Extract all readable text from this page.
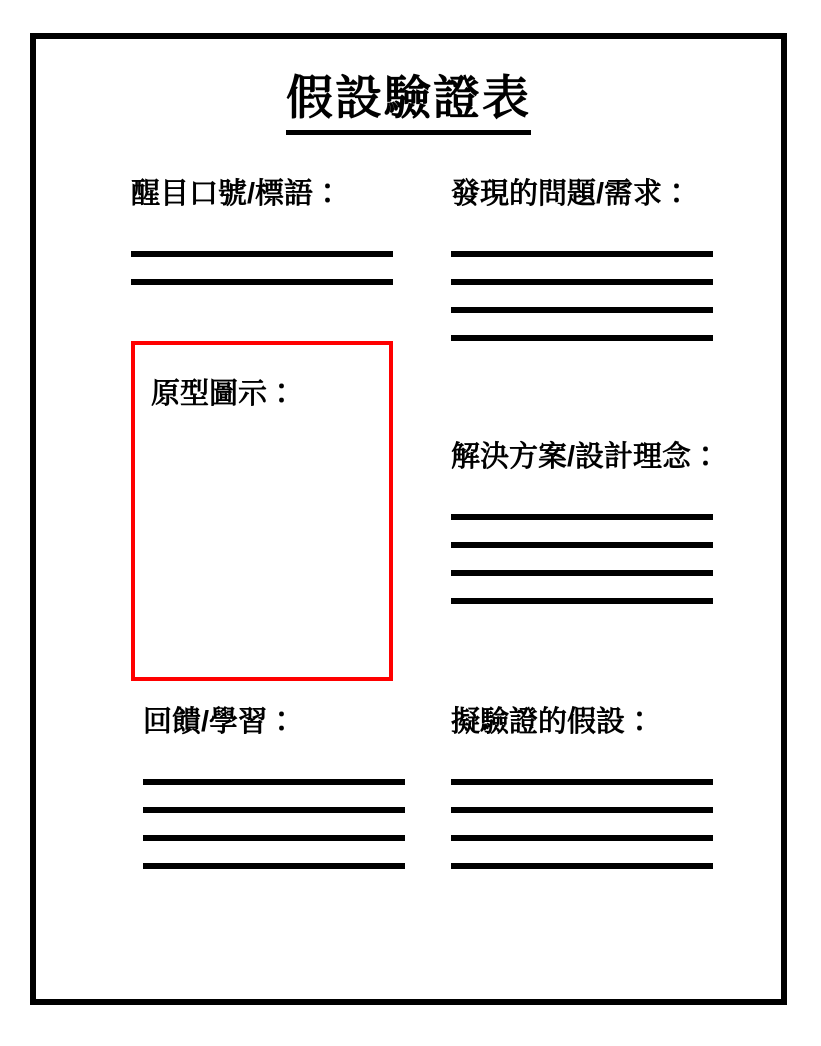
假設驗證表
醒目口號/標語：
原型圖示：
回饋/學習：
發現的問題/需求：
解決方案/設計理念：
擬驗證的假設：
